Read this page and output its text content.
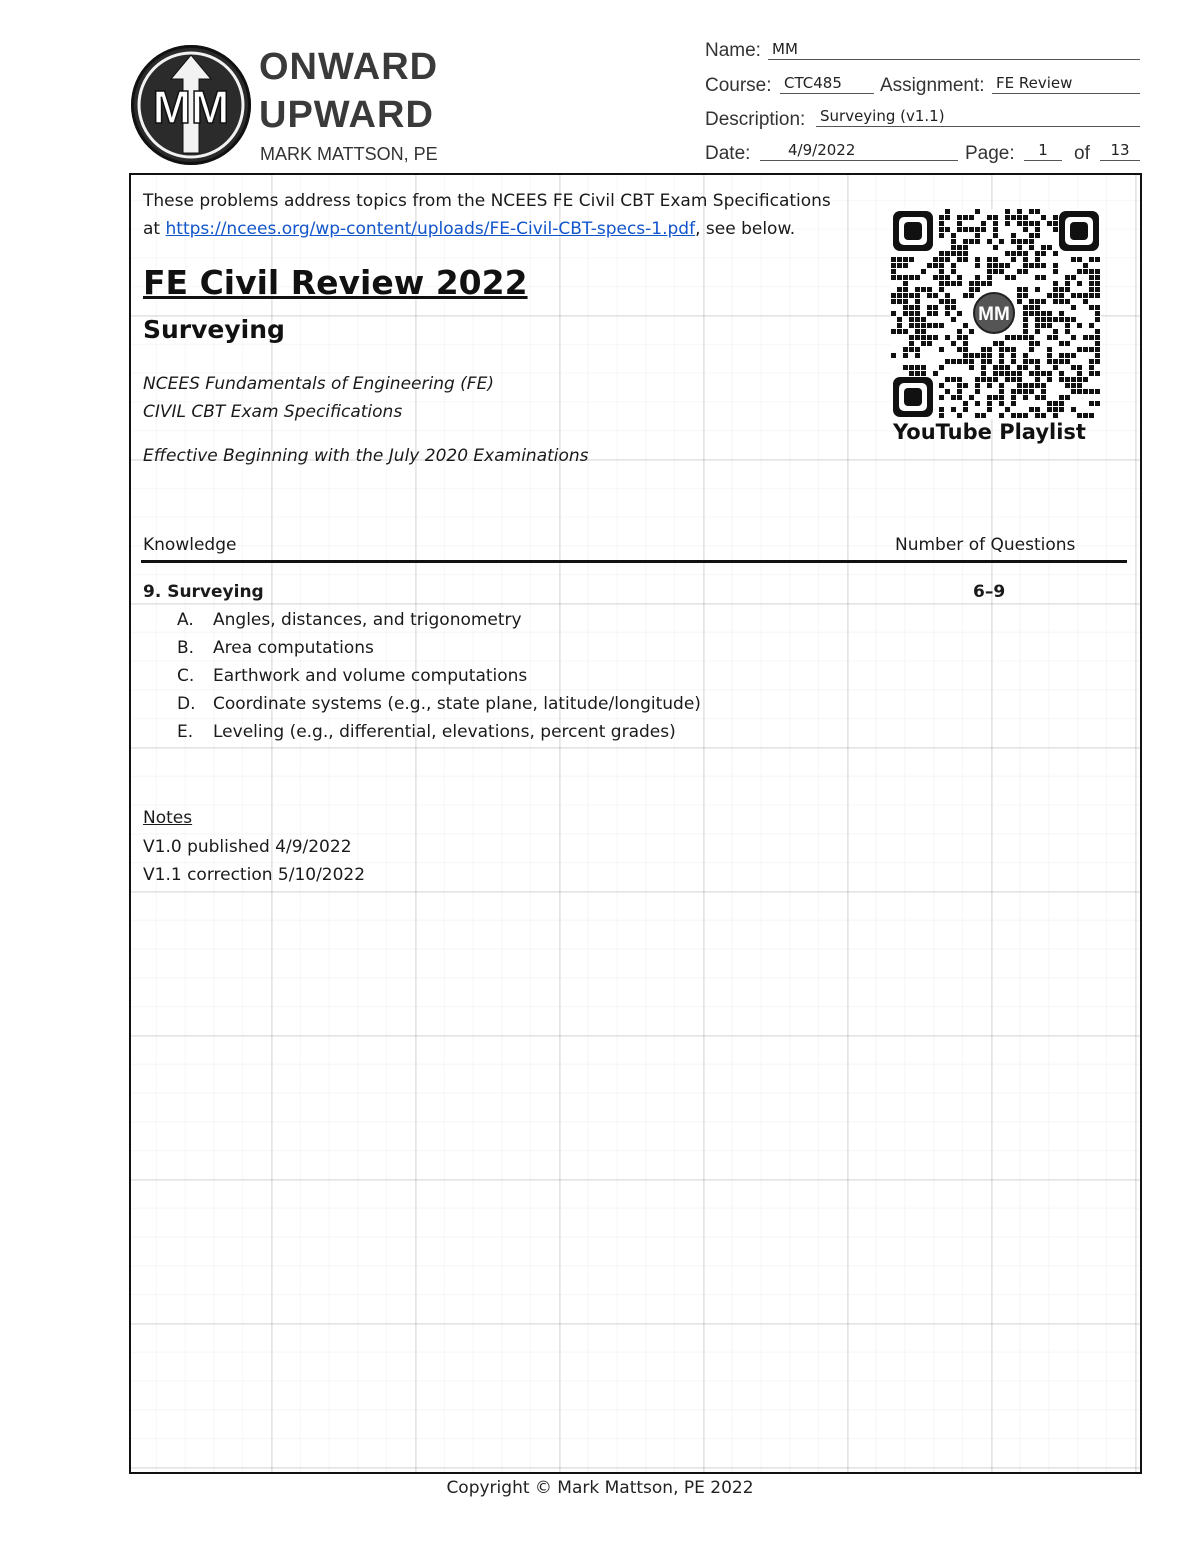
MM
ONWARD
UPWARD
MARK MATTSON, PE
Name: MM
Course: CTC485	Assignment: FE Review
Description: Surveying (v1.1)
Date:	4/9/2022	Page:	1	of	13
These problems address topics from the NCEES FE Civil CBT Exam Specifications
at https://ncees.org/wp-content/uploads/FE-Civil-CBT-specs-1.pdf, see below.
FE Civil Review 2022
Surveying
NCEES Fundamentals of Engineering (FE)
CIVIL CBT Exam Specifications
Effective Beginning with the July 2020 Examinations
MM
YouTube Playlist
Knowledge	Number of Questions
9. Surveying	6–9
A. Angles, distances, and trigonometry
B. Area computations
C. Earthwork and volume computations
D. Coordinate systems (e.g., state plane, latitude/longitude)
E. Leveling (e.g., differential, elevations, percent grades)
Notes
V1.0 published 4/9/2022
V1.1 correction 5/10/2022
Copyright © Mark Mattson, PE 2022
